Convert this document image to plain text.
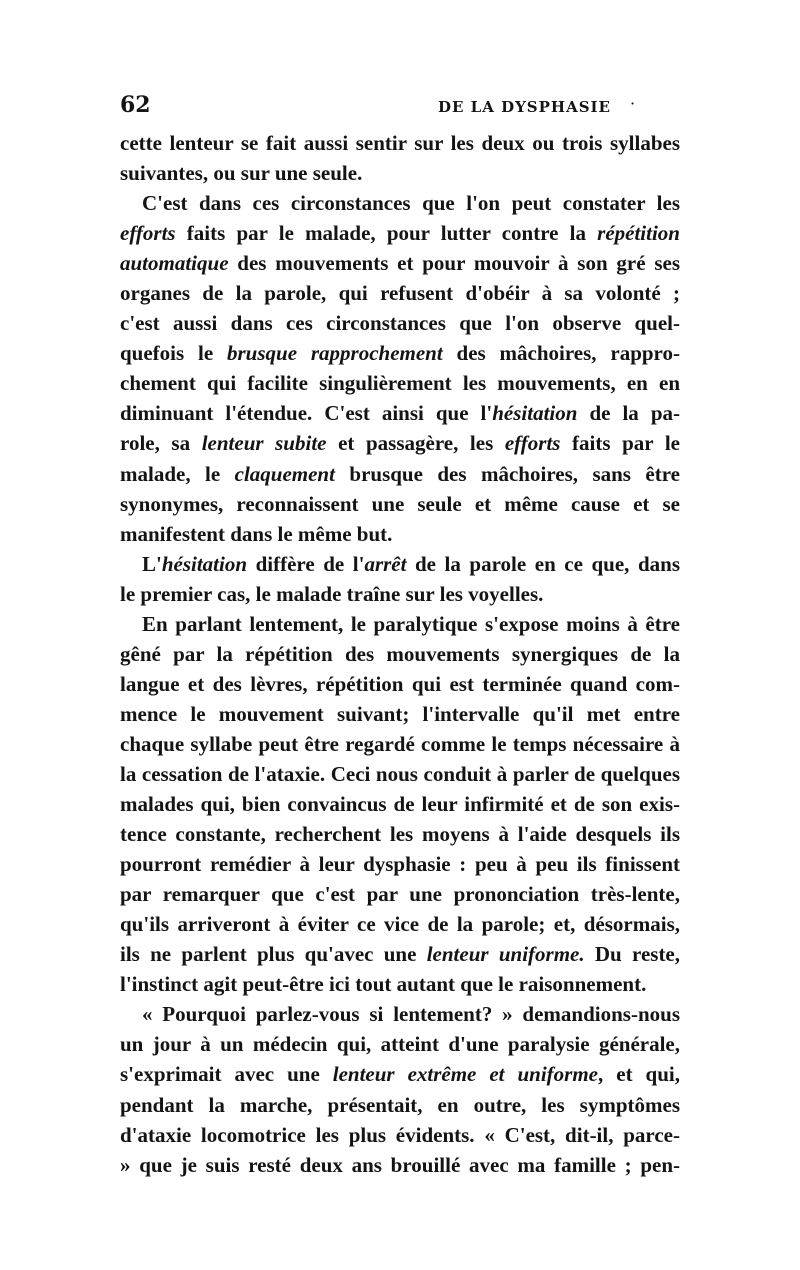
62	DE LA DYSPHASIE ·
cette lenteur se fait aussi sentir sur les deux ou trois syllabes
suivantes, ou sur une seule.
C'est dans ces circonstances que l'on peut constater les
efforts faits par le malade, pour lutter contre la répétition
automatique des mouvements et pour mouvoir à son gré ses
organes de la parole, qui refusent d'obéir à sa volonté ;
c'est aussi dans ces circonstances que l'on observe quel-
quefois le brusque rapprochement des mâchoires, rappro-
chement qui facilite singulièrement les mouvements, en en
diminuant l'étendue. C'est ainsi que l'hésitation de la pa-
role, sa lenteur subite et passagère, les efforts faits par le
malade, le claquement brusque des mâchoires, sans être
synonymes, reconnaissent une seule et même cause et se
manifestent dans le même but.
L'hésitation diffère de l'arrêt de la parole en ce que, dans
le premier cas, le malade traîne sur les voyelles.
En parlant lentement, le paralytique s'expose moins à être
gêné par la répétition des mouvements synergiques de la
langue et des lèvres, répétition qui est terminée quand com-
mence le mouvement suivant; l'intervalle qu'il met entre
chaque syllabe peut être regardé comme le temps nécessaire à
la cessation de l'ataxie. Ceci nous conduit à parler de quelques
malades qui, bien convaincus de leur infirmité et de son exis-
tence constante, recherchent les moyens à l'aide desquels ils
pourront remédier à leur dysphasie : peu à peu ils finissent
par remarquer que c'est par une prononciation très-lente,
qu'ils arriveront à éviter ce vice de la parole; et, désormais,
ils ne parlent plus qu'avec une lenteur uniforme. Du reste,
l'instinct agit peut-être ici tout autant que le raisonnement.
« Pourquoi parlez-vous si lentement? » demandions-nous
un jour à un médecin qui, atteint d'une paralysie générale,
s'exprimait avec une lenteur extrême et uniforme, et qui,
pendant la marche, présentait, en outre, les symptômes
d'ataxie locomotrice les plus évidents. « C'est, dit-il, parce-
» que je suis resté deux ans brouillé avec ma famille ; pen-
